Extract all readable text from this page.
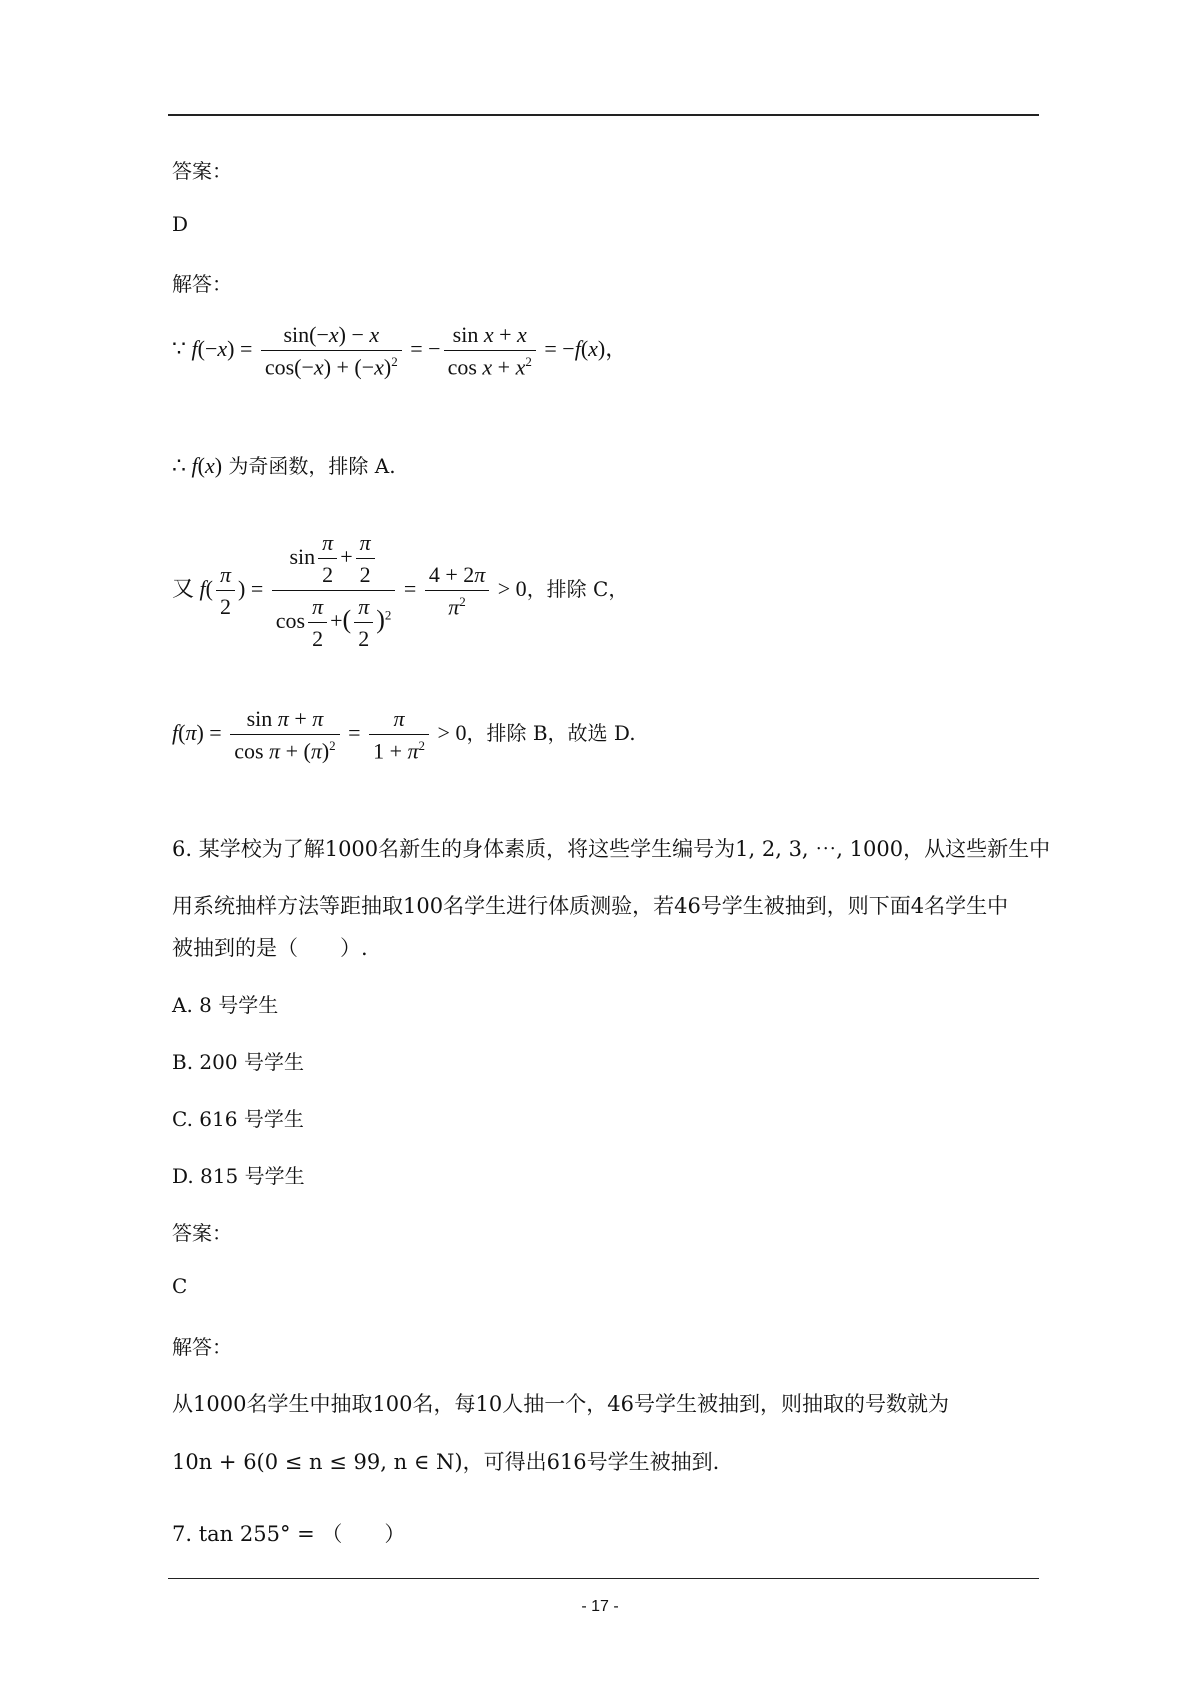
答案：
D
解答：
∵ $f(-x) = \frac{\sin(-x) - x}{\cos(-x) + (-x)^2}$ = − $\frac{\text{sin x + x}}{\cos x + x^2} = -f(x)$，
∴ f(x) 为奇函数，排除 A.
又 $f( \frac{\pi}{2}$ ) = $\frac{\sin \frac{\pi}{2} + \frac{\pi}{2}}{\cos \frac{\pi}{2} +( \frac{\pi}{2} )^2} = \frac{4 + 2\pi}{\pi^2} > 0$，排除 C，
$f(\pi) = \frac{\text{sin π + π}}{\cos \pi + (\pi)^2} = \frac{\pi}{1 + \pi^2} > 0$，排除 B，故选 D.
6. 某学校为了解1000名新生的身体素质，将这些学生编号为1, 2, 3, ⋯, 1000，从这些新生中
用系统抽样方法等距抽取100名学生进行体质测验，若46号学生被抽到，则下面4名学生中
被抽到的是（　　）.
A. 8 号学生
B. 200 号学生
C. 616 号学生
D. 815 号学生
答案：
C
解答：
从1000名学生中抽取100名，每10人抽一个，46号学生被抽到，则抽取的号数就为
10n + 6(0 ≤ n ≤ 99, n ∈ N)，可得出616号学生被抽到.
7. tan 255° = （　　）
- 17 -
